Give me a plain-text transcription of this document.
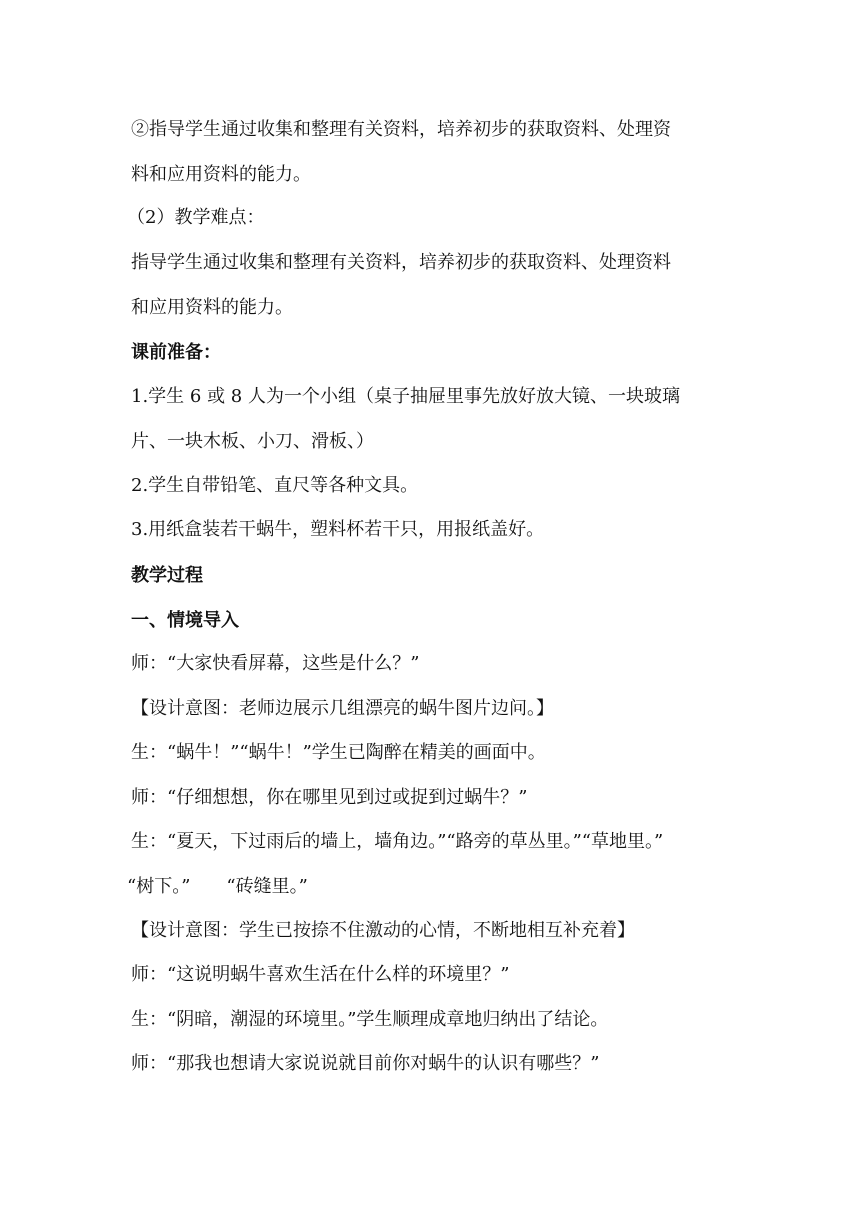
②指导学生通过收集和整理有关资料，培养初步的获取资料、处理资
料和应用资料的能力。
（2）教学难点：
指导学生通过收集和整理有关资料，培养初步的获取资料、处理资料
和应用资料的能力。
课前准备：
1.学生 6 或 8 人为一个小组（桌子抽屉里事先放好放大镜、一块玻璃
片、一块木板、小刀、滑板、）
2.学生自带铅笔、直尺等各种文具。
3.用纸盒装若干蜗牛，塑料杯若干只，用报纸盖好。
教学过程
一、情境导入
师：“大家快看屏幕，这些是什么？”
【设计意图：老师边展示几组漂亮的蜗牛图片边问。】
生：“蜗牛！”“蜗牛！”学生已陶醉在精美的画面中。
师：“仔细想想，你在哪里见到过或捉到过蜗牛？”
生：“夏天，下过雨后的墙上，墙角边。”“路旁的草丛里。”“草地里。”
“树下。”　　“砖缝里。”
【设计意图：学生已按捺不住激动的心情，不断地相互补充着】
师：“这说明蜗牛喜欢生活在什么样的环境里？”
生：“阴暗，潮湿的环境里。”学生顺理成章地归纳出了结论。
师：“那我也想请大家说说就目前你对蜗牛的认识有哪些？”
